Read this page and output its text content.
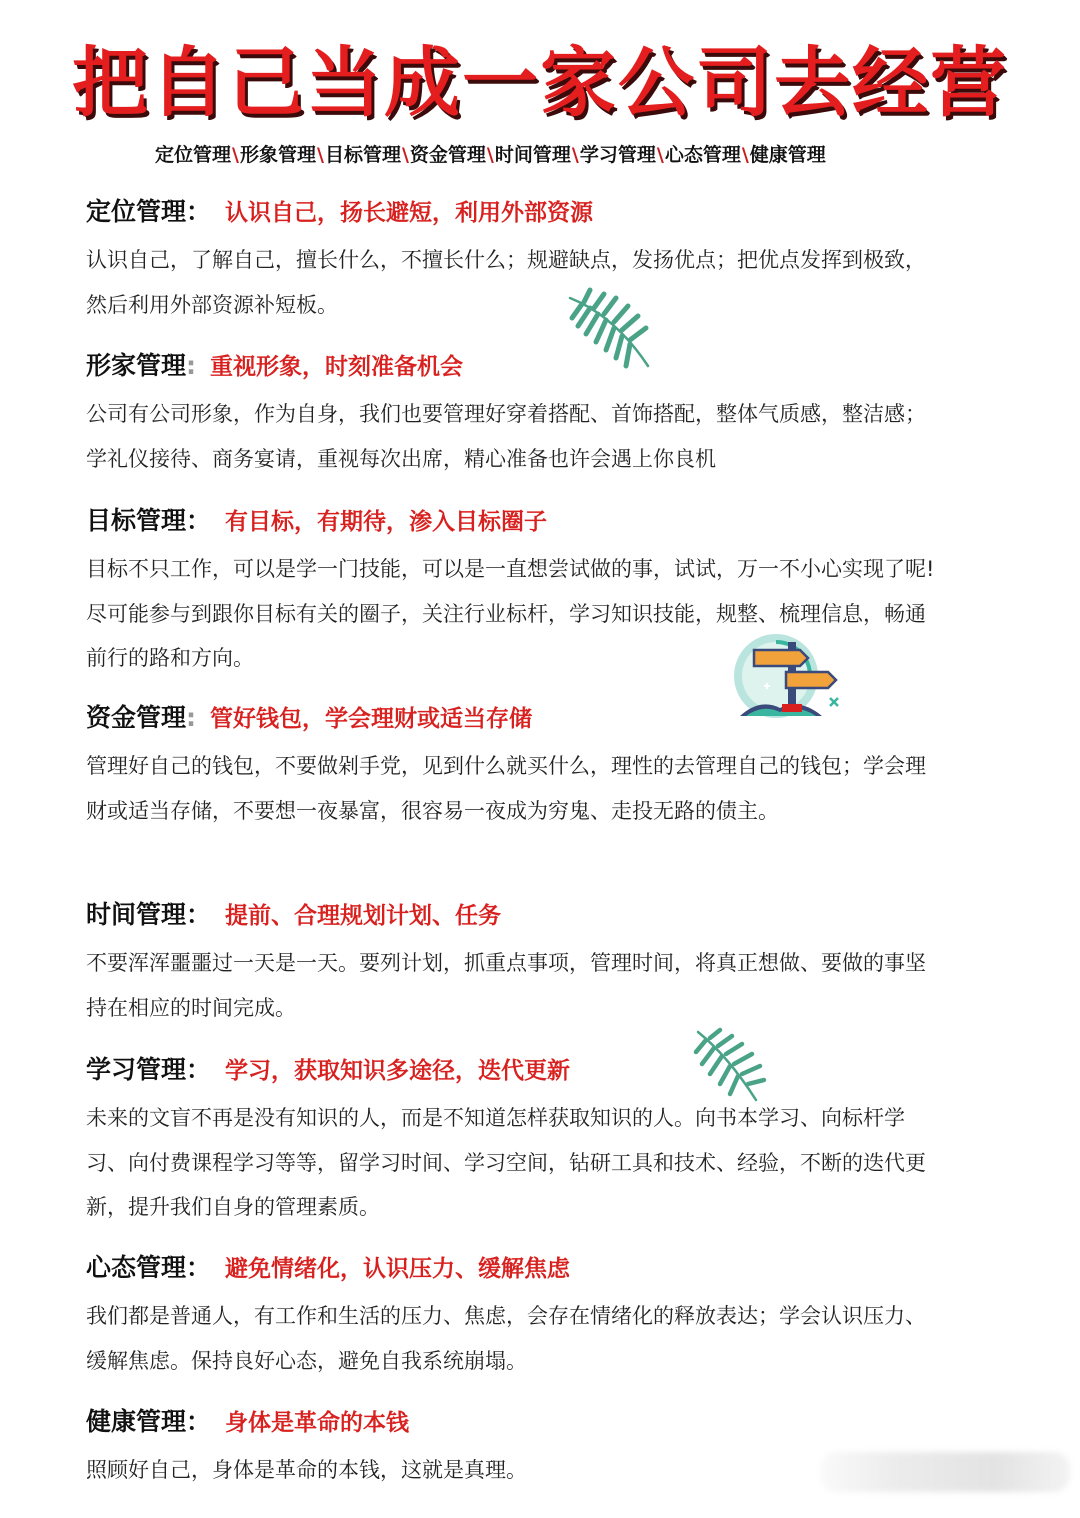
把自己当成一家公司去经营
定位管理\形象管理\目标管理\资金管理\时间管理\学习管理\心态管理\健康管理
定位管理： 认识自己，扬长避短，利用外部资源
认识自己，了解自己，擅长什么，不擅长什么；规避缺点，发扬优点；把优点发挥到极致，然后利用外部资源补短板。
形家管理: 重视形象，时刻准备机会
公司有公司形象，作为自身，我们也要管理好穿着搭配、首饰搭配，整体气质感，整洁感；学礼仪接待、商务宴请，重视每次出席，精心准备也许会遇上你良机
目标管理： 有目标，有期待，渗入目标圈子
目标不只工作，可以是学一门技能，可以是一直想尝试做的事，试试，万一不小心实现了呢!尽可能参与到跟你目标有关的圈子，关注行业标杆，学习知识技能，规整、梳理信息，畅通前行的路和方向。
资金管理: 管好钱包，学会理财或适当存储
管理好自己的钱包，不要做剁手党，见到什么就买什么，理性的去管理自己的钱包；学会理财或适当存储，不要想一夜暴富，很容易一夜成为穷鬼、走投无路的债主。
时间管理： 提前、合理规划计划、任务
不要浑浑噩噩过一天是一天。要列计划，抓重点事项，管理时间，将真正想做、要做的事坚持在相应的时间完成。
学习管理： 学习，获取知识多途径，迭代更新
未来的文盲不再是没有知识的人，而是不知道怎样获取知识的人。向书本学习、向标杆学习、向付费课程学习等等，留学习时间、学习空间，钻研工具和技术、经验，不断的迭代更新，提升我们自身的管理素质。
心态管理： 避免情绪化，认识压力、缓解焦虑
我们都是普通人，有工作和生活的压力、焦虑，会存在情绪化的释放表达；学会认识压力、缓解焦虑。保持良好心态，避免自我系统崩塌。
健康管理： 身体是革命的本钱
照顾好自己，身体是革命的本钱，这就是真理。
